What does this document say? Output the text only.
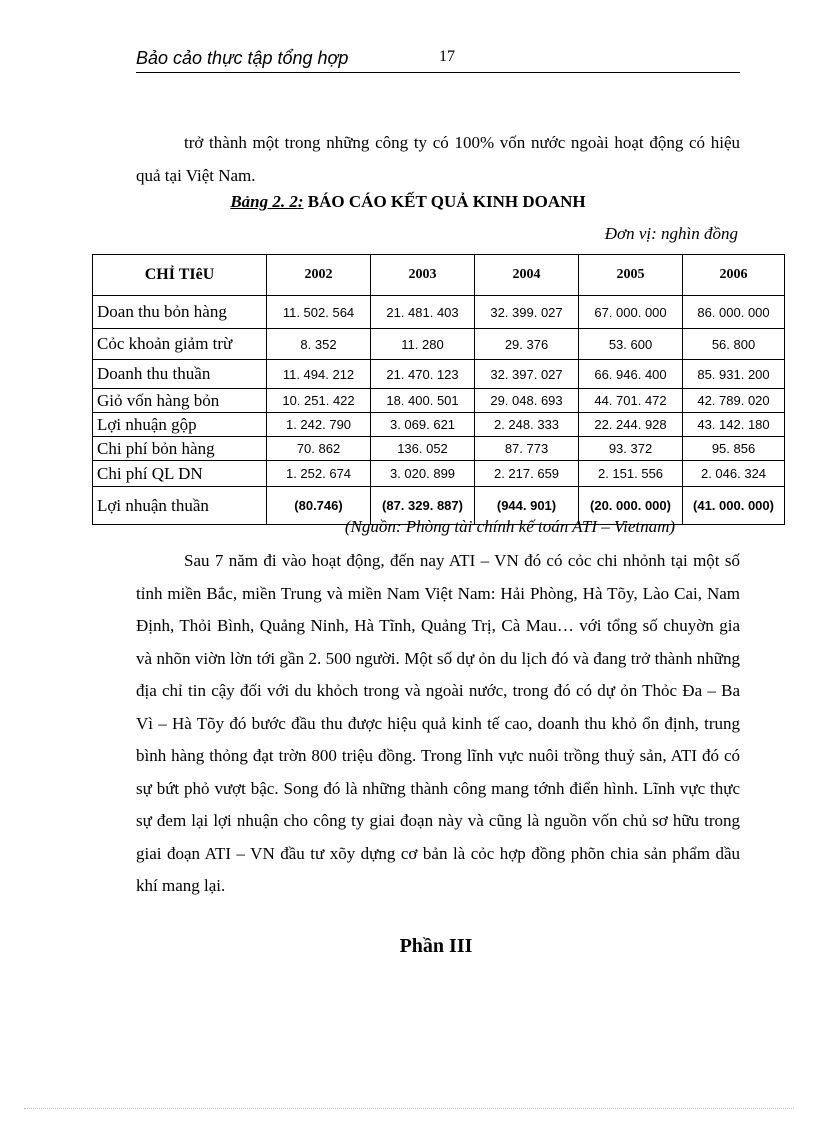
Bảo cảo thực tập tổng hợp	17

trở thành một trong những công ty có 100% vốn nước ngoài hoạt động có hiệu quả tại Việt Nam.

Bảng 2. 2: BÁO CÁO KẾT QUẢ KINH DOANH
Đơn vị: nghìn đồng
CHỈ TIêU	2002	2003	2004	2005	2006
Doan thu bỏn hàng	11. 502. 564	21. 481. 403	32. 399. 027	67. 000. 000	86. 000. 000
Cỏc khoản giảm trừ	8. 352	11. 280	29. 376	53. 600	56. 800
Doanh thu thuần	11. 494. 212	21. 470. 123	32. 397. 027	66. 946. 400	85. 931. 200
Giỏ vốn hàng bỏn	10. 251. 422	18. 400. 501	29. 048. 693	44. 701. 472	42. 789. 020
Lợi nhuận gộp	1. 242. 790	3. 069. 621	2. 248. 333	22. 244. 928	43. 142. 180
Chi phí bỏn hàng	70. 862	136. 052	87. 773	93. 372	95. 856
Chi phí QL DN	1. 252. 674	3. 020. 899	2. 217. 659	2. 151. 556	2. 046. 324
Lợi nhuận thuần	(80.746)	(87. 329. 887)	(944. 901)	(20. 000. 000)	(41. 000. 000)
(Nguồn: Phòng tài chính kế toán ATI – Vietnam)

Sau 7 năm đi vào hoạt động, đến nay ATI – VN đó có cỏc chi nhỏnh tại một số tỉnh miền Bắc, miền Trung và miền Nam Việt Nam: Hải Phòng, Hà Tõy, Lào Cai, Nam Định, Thỏi Bình, Quảng Ninh, Hà Tĩnh, Quảng Trị, Cà Mau… với tổng số chuyờn gia và nhõn viờn lờn tới gần 2. 500 người. Một số dự ỏn du lịch đó và đang trở thành những địa chỉ tin cậy đối với du khỏch trong và ngoài nước, trong đó có dự ỏn Thỏc Đa – Ba Vì – Hà Tõy đó bước đầu thu được hiệu quả kinh tế cao, doanh thu khỏ ổn định, trung bình hàng thỏng đạt trờn 800 triệu đồng. Trong lĩnh vực nuôi trồng thuỷ sản, ATI đó có sự bứt phỏ vượt bậc. Song đó là những thành công mang tớnh điển hình. Lĩnh vực thực sự đem lại lợi nhuận cho công ty giai đoạn này và cũng là nguồn vốn chủ sơ hữu trong giai đoạn ATI – VN đầu tư xõy dựng cơ bản là cỏc hợp đồng phõn chia sản phẩm dầu khí mang lại.

Phần III
